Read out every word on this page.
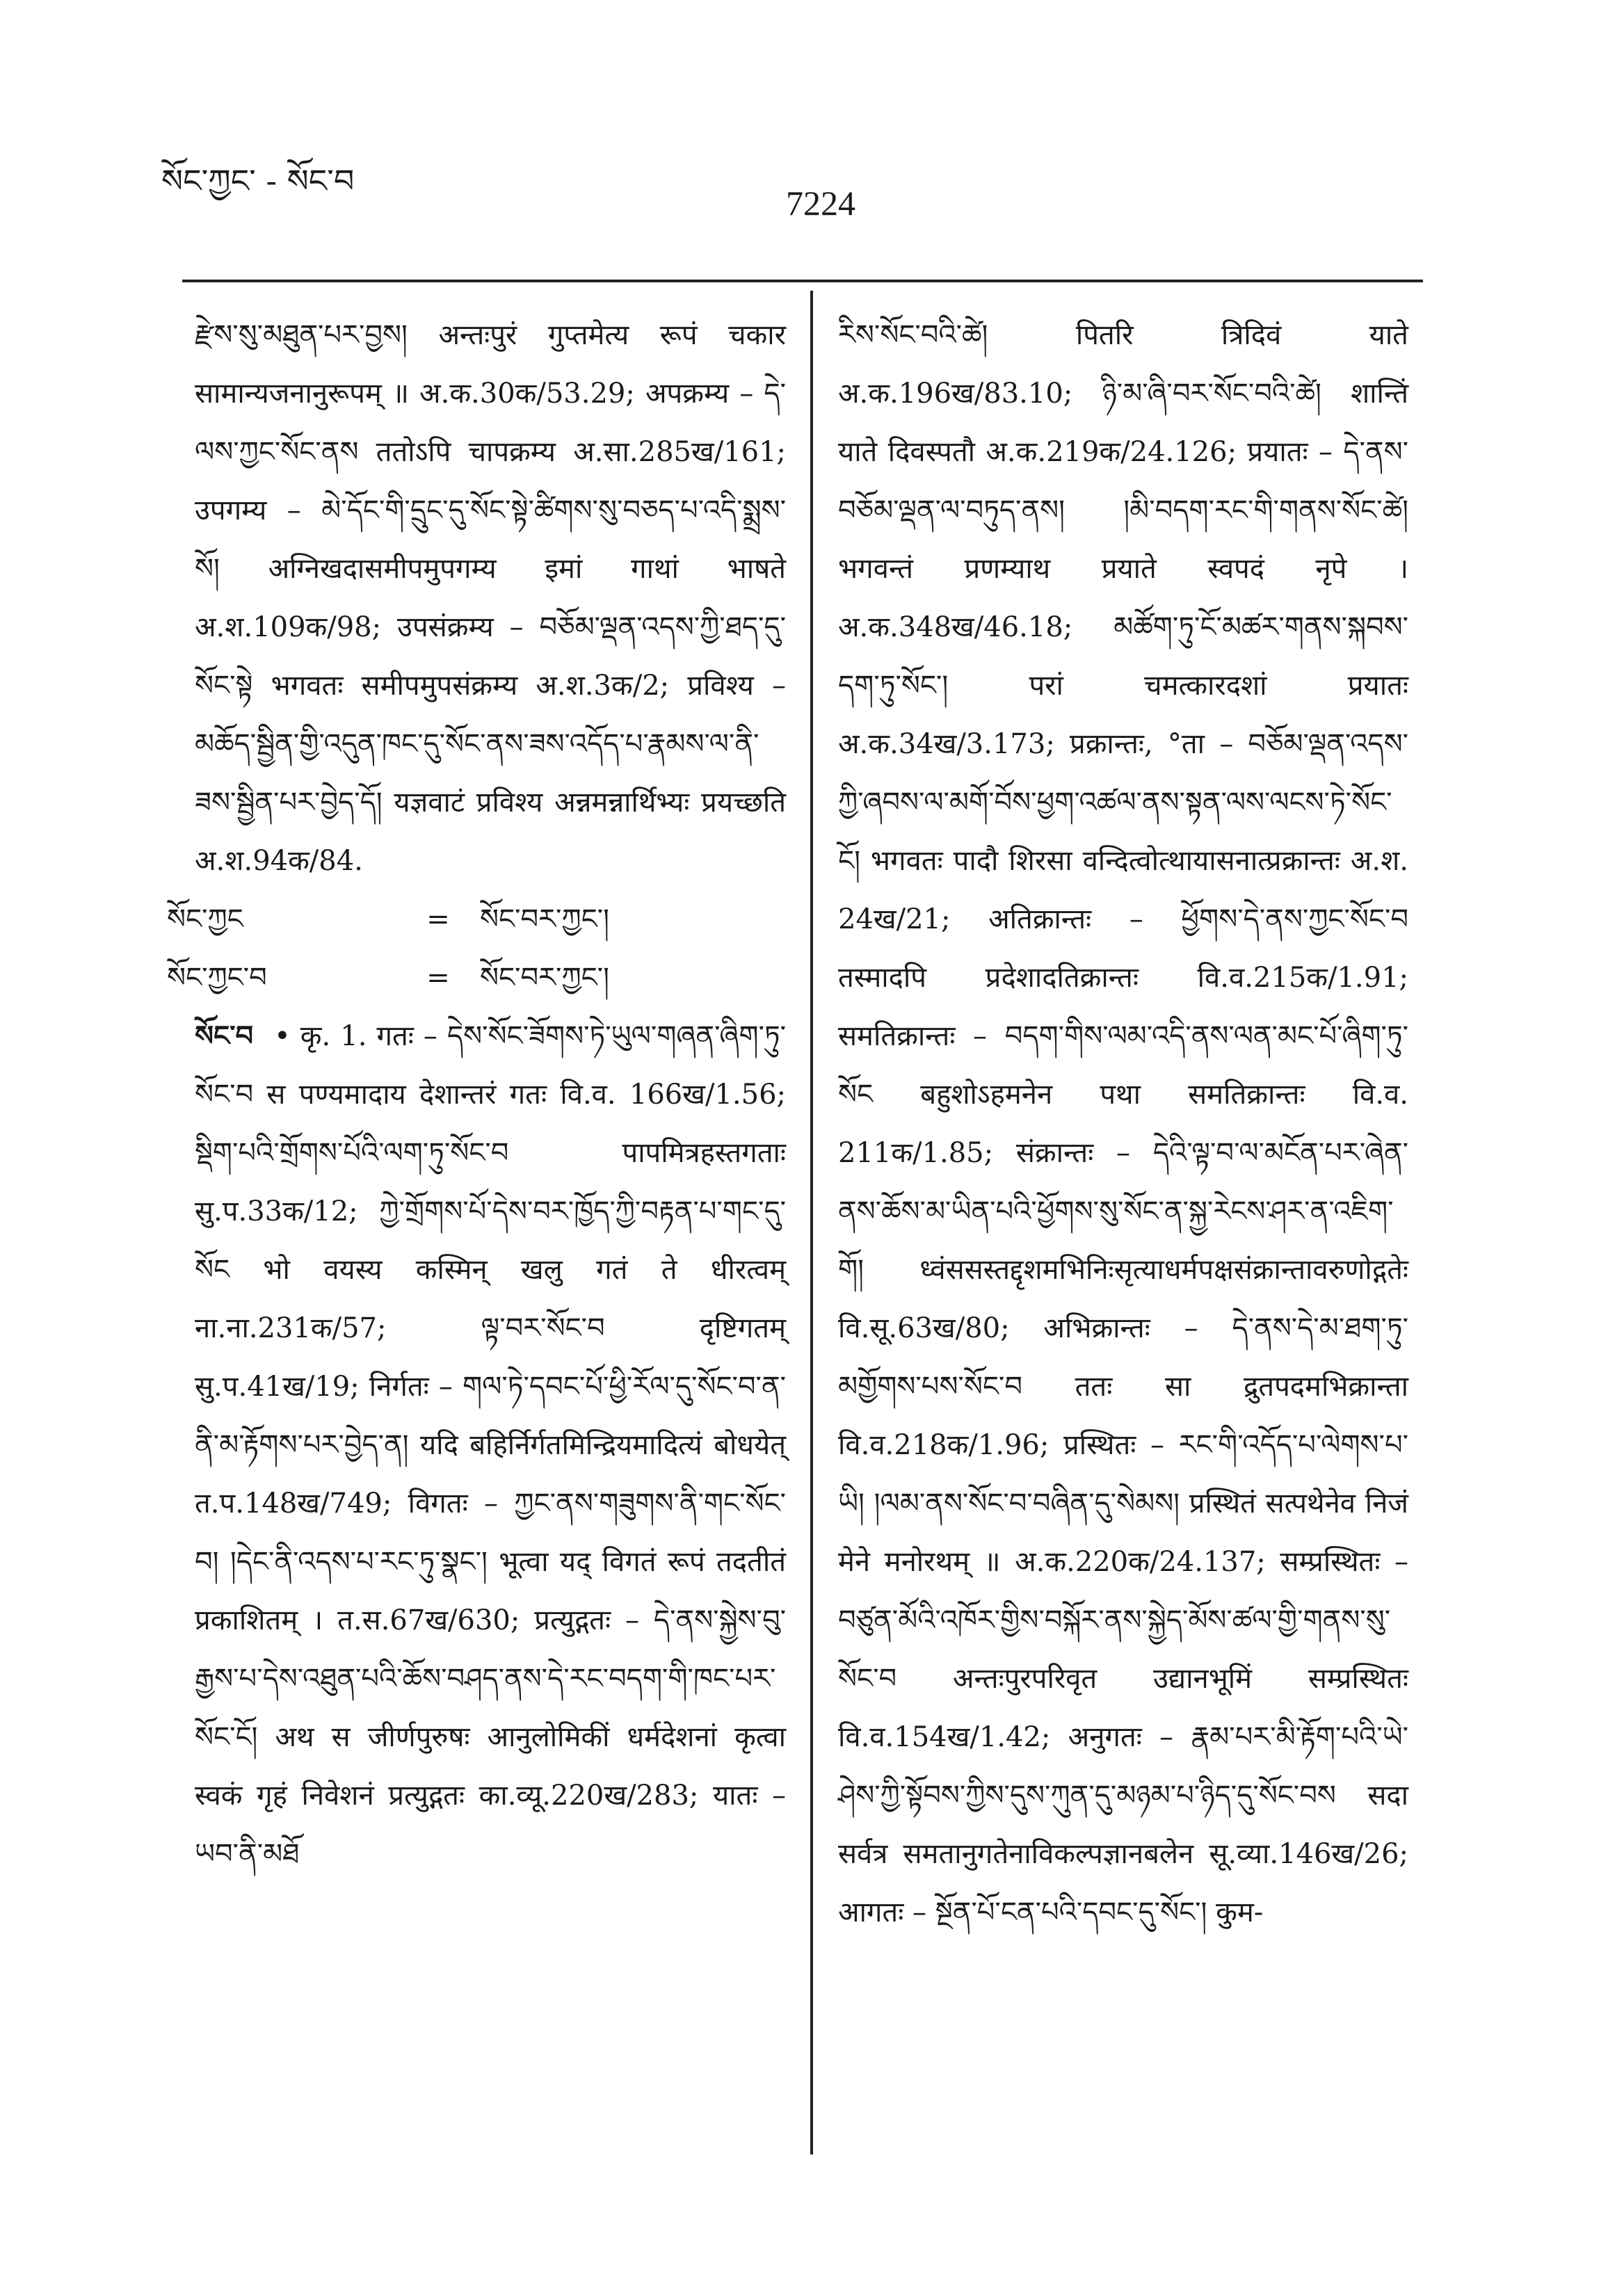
སོང་ཀྱང་ - སོང་བ
7224

རྫེས་སུ་མཐུན་པར་བྱས། अन्तःपुरं गुप्तमेत्य रूपं चकार सामान्यजनानुरूपम् ॥ अ.क.30क/53.29; अपक्रम्य – དེ་ལས་ཀྱང་སོང་ནས ततोऽपि चापक्रम्य अ.सा.285ख/161; उपगम्य – མེ་དོང་གི་དྲུང་དུ་སོང་སྟེ་ཚིགས་སུ་བཅད་པ་འདི་སྨྲས་སོ། अग्निखदासमीपमुपगम्य इमां गाथां भाषते अ.श.109क/98; उपसंक्रम्य – བཅོམ་ལྡན་འདས་ཀྱི་ཐད་དུ་སོང་སྟེ भगवतः समीपमुपसंक्रम्य अ.श.3क/2; प्रविश्य – མཆོད་སྦྱིན་གྱི་འདུན་ཁང་དུ་སོང་ནས་ཟས་འདོད་པ་རྣམས་ལ་ནི་ཟས་སྦྱིན་པར་བྱེད་དོ། यज्ञवाटं प्रविश्य अन्नमन्नार्थिभ्यः प्रयच्छति अ.श.94क/84.

སོང་ཀྱང	=	སོང་བར་ཀྱང་།
སོང་ཀྱང་བ	=	སོང་བར་ཀྱང་།

སོང་བ • कृ. 1. गतः – དེས་སོང་ཟོགས་ཏེ་ཡུལ་གཞན་ཞིག་ཏུ་སོང་བ स पण्यमादाय देशान्तरं गतः वि.व. 166ख/1.56; སྡིག་པའི་གྲོགས་པོའི་ལག་ཏུ་སོང་བ पापमित्रहस्तगताः सु.प.33क/12; ཀྱེ་གྲོགས་པོ་དེས་བར་ཁྱོད་ཀྱི་བརྟན་པ་གང་དུ་སོང भो वयस्य कस्मिन् खलु गतं ते धीरत्वम् ना.ना.231क/57; ལྟ་བར་སོང་བ दृष्टिगतम् सु.प.41ख/19; निर्गतः – གལ་ཏེ་དབང་པོ་ཕྱི་རོལ་དུ་སོང་བ་ན་ནི་མ་རྟོགས་པར་བྱེད་ན། यदि बहिर्निर्गतमिन्द्रियमादित्यं बोधयेत् त.प.148ख/749; विगतः – ཀྱང་ནས་གཟུགས་ནི་གང་སོང་བ། །དེང་ནི་འདས་པ་རང་ཏུ་སྣང་། भूत्वा यद् विगतं रूपं तदतीतं प्रकाशितम् । त.स.67ख/630; प्रत्युद्गतः – དེ་ནས་སྐྱེས་བུ་རྒྱས་པ་དེས་འཐུན་པའི་ཆོས་བཤད་ནས་དེ་རང་བདག་གི་ཁང་པར་སོང་ངོ། अथ स जीर्णपुरुषः आनुलोमिकीं धर्मदेशनां कृत्वा स्वकं गृहं निवेशनं प्रत्युद्गतः का.व्यू.220ख/283; यातः – ཡབ་ནི་མཐོ

རིས་སོང་བའི་ཚེ། पितरि त्रिदिवं याते अ.क.196ख/83.10; ཉི་མ་ཞི་བར་སོང་བའི་ཚེ། शान्तिं याते दिवस्पतौ अ.क.219क/24.126; प्रयातः – དེ་ནས་བཅོམ་ལྡན་ལ་བཏུད་ནས། །མི་བདག་རང་གི་གནས་སོང་ཚེ། भगवन्तं प्रणम्याथ प्रयाते स्वपदं नृपे । अ.क.348ख/46.18; མཚོག་ཏུ་ངོ་མཚར་གནས་སྐབས་དག་ཏུ་སོང་། परां चमत्कारदशां प्रयातः अ.क.34ख/3.173; प्रक्रान्तः, °ता – བཅོམ་ལྡན་འདས་ཀྱི་ཞབས་ལ་མགོ་བོས་ཕྱག་འཚལ་ནས་སྟན་ལས་ལངས་ཏེ་སོང་ངོ། भगवतः पादौ शिरसा वन्दित्वोत्थायासनात्प्रक्रान्तः अ.श. 24ख/21; अतिक्रान्तः – ཕྱོགས་དེ་ནས་ཀྱང་སོང་བ तस्मादपि प्रदेशादतिक्रान्तः वि.व.215क/1.91; समतिक्रान्तः – བདག་གིས་ལམ་འདི་ནས་ལན་མང་པོ་ཞིག་ཏུ་སོང बहुशोऽहमनेन पथा समतिक्रान्तः वि.व. 211क/1.85; संक्रान्तः – དེའི་ལྟ་བ་ལ་མངོན་པར་ཞེན་ནས་ཆོས་མ་ཡིན་པའི་ཕྱོགས་སུ་སོང་ན་སྐྱ་རེངས་ཤར་ན་འཇིག་གོ། ध्वंससस्तद्दृशमभिनिःसृत्याधर्मपक्षसंक्रान्तावरुणोद्गतेः वि.सू.63ख/80; अभिक्रान्तः – དེ་ནས་དེ་མ་ཐག་ཏུ་མགྱོགས་པས་སོང་བ ततः सा द्रुतपदमभिक्रान्ता वि.व.218क/1.96; प्रस्थितः – རང་གི་འདོད་པ་ལེགས་པ་ཡི། །ལམ་ནས་སོང་བ་བཞིན་དུ་སེམས། प्रस्थितं सत्पथेनेव निजं मेने मनोरथम् ॥ अ.क.220क/24.137; सम्प्रस्थितः – བཙུན་མོའི་འཁོར་གྱིས་བསྐོར་ནས་སྐྱེད་མོས་ཚལ་གྱི་གནས་སུ་སོང་བ अन्तःपुरपरिवृत उद्यानभूमिं सम्प्रस्थितः वि.व.154ख/1.42; अनुगतः – རྣམ་པར་མི་རྟོག་པའི་ཡེ་ཤེས་ཀྱི་སྟོབས་ཀྱིས་དུས་ཀུན་དུ་མཉམ་པ་ཉིད་དུ་སོང་བས सदा सर्वत्र समतानुगतेनाविकल्पज्ञानबलेन सू.व्या.146ख/26; आगतः – སྔོན་པོ་ངན་པའི་དབང་དུ་སོང་། कुम-
